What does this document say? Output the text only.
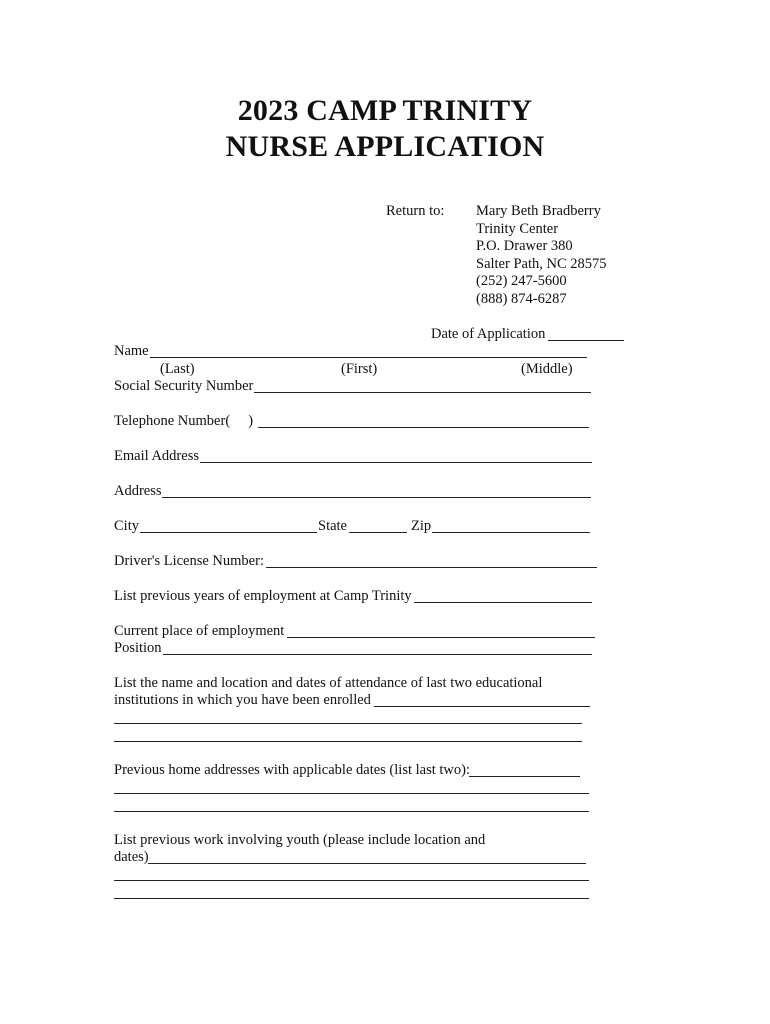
2023 CAMP TRINITY
NURSE APPLICATION
Return to: Mary Beth Bradberry
Trinity Center
P.O. Drawer 380
Salter Path, NC 28575
(252) 247-5600
(888) 874-6287
Date of Application
Name
(Last)	(First)	(Middle)
Social Security Number
Telephone Number(     )
Email Address
Address
City	State	Zip
Driver's License Number:
List previous years of employment at Camp Trinity
Current place of employment
Position
List the name and location and dates of attendance of last two educational
institutions in which you have been enrolled
Previous home addresses with applicable dates (list last two):
List previous work involving youth (please include location and
dates)
